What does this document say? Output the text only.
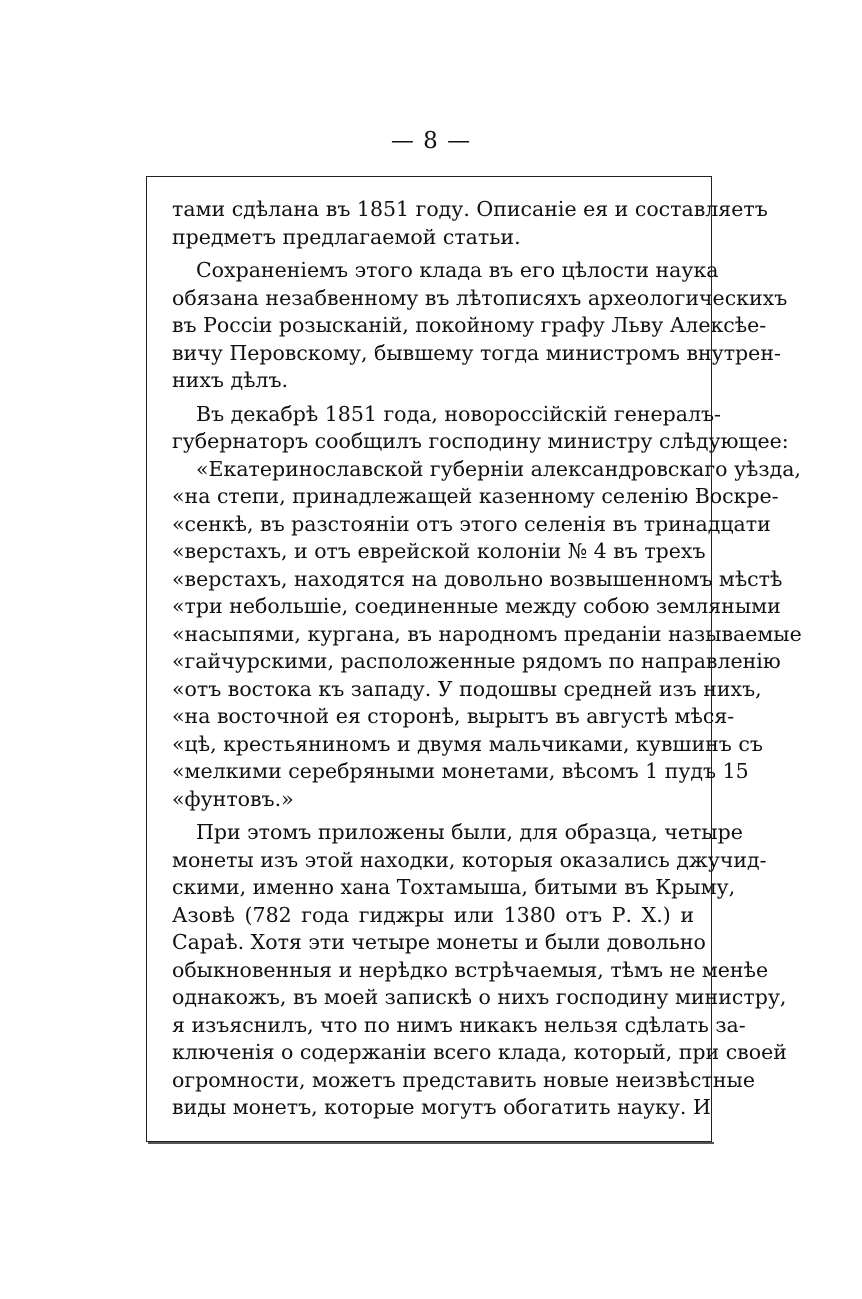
— 8 —
тами сдѣлана въ 1851 году. Описаніе ея и составляетъ
предметъ предлагаемой статьи.
Сохраненіемъ этого клада въ его цѣлости наука
обязана незабвенному въ лѣтописяхъ археологическихъ
въ Россіи розысканій, покойному графу Льву Алексѣе-
вичу Перовскому, бывшему тогда министромъ внутрен-
нихъ дѣлъ.
Въ декабрѣ 1851 года, новороссійскій генералъ-
губернаторъ сообщилъ господину министру слѣдующее:
«Екатеринославской губерніи александровскаго уѣзда,
«на степи, принадлежащей казенному селенію Воскре-
«сенкѣ, въ разстояніи отъ этого селенія въ тринадцати
«верстахъ, и отъ еврейской колоніи № 4 въ трехъ
«верстахъ, находятся на довольно возвышенномъ мѣстѣ
«три небольшіе, соединенные между собою земляными
«насыпями, кургана, въ народномъ преданіи называемые
«гайчурскими, расположенные рядомъ по направленію
«отъ востока къ западу. У подошвы средней изъ нихъ,
«на восточной ея сторонѣ, вырытъ въ августѣ мѣся-
«цѣ, крестьяниномъ и двумя мальчиками, кувшинъ съ
«мелкими серебряными монетами, вѣсомъ 1 пудъ 15
«фунтовъ.»
При этомъ приложены были, для образца, четыре
монеты изъ этой находки, которыя оказались джучид-
скими, именно хана Тохтамыша, битыми въ Крыму,
Азовѣ (782 года гиджры или 1380 отъ Р. Х.) и
Сараѣ. Хотя эти четыре монеты и были довольно
обыкновенныя и нерѣдко встрѣчаемыя, тѣмъ не менѣе
однакожъ, въ моей запискѣ о нихъ господину министру,
я изъяснилъ, что по нимъ никакъ нельзя сдѣлать за-
ключенія о содержаніи всего клада, который, при своей
огромности, можетъ представить новые неизвѣстные
виды монетъ, которые могутъ обогатить науку. И
